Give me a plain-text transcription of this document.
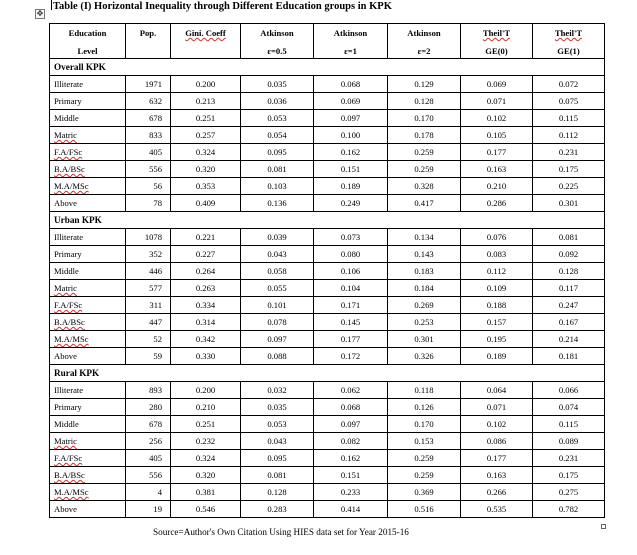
✥
Table (I) Horizontal Inequality through Different Education groups in KPK
Education	Pop.	Gini. Coeff	Atkinson	Atkinson	Atkinson	Theil'T	Theil'T
Level			ε=0.5	ε=1	ε=2	GE(0)	GE(1)
Overall KPK							
Illiterate	1971	0.200	0.035	0.068	0.129	0.069	0.072
Primary	632	0.213	0.036	0.069	0.128	0.071	0.075
Middle	678	0.251	0.053	0.097	0.170	0.102	0.115
Matric	833	0.257	0.054	0.100	0.178	0.105	0.112
F.A/FSc	405	0.324	0.095	0.162	0.259	0.177	0.231
B.A/BSc	556	0.320	0.081	0.151	0.259	0.163	0.175
M.A/MSc	56	0.353	0.103	0.189	0.328	0.210	0.225
Above	78	0.409	0.136	0.249	0.417	0.286	0.301
Urban KPK							
Illiterate	1078	0.221	0.039	0.073	0.134	0.076	0.081
Primary	352	0.227	0.043	0.080	0.143	0.083	0.092
Middle	446	0.264	0.058	0.106	0.183	0.112	0.128
Matric	577	0.263	0.055	0.104	0.184	0.109	0.117
F.A/FSc	311	0.334	0.101	0.171	0.269	0.188	0.247
B.A/BSc	447	0.314	0.078	0.145	0.253	0.157	0.167
M.A/MSc	52	0.342	0.097	0.177	0.301	0.195	0.214
Above	59	0.330	0.088	0.172	0.326	0.189	0.181
Rural KPK							
Illiterate	893	0.200	0.032	0.062	0.118	0.064	0.066
Primary	280	0.210	0.035	0.068	0.126	0.071	0.074
Middle	678	0.251	0.053	0.097	0.170	0.102	0.115
Matric	256	0.232	0.043	0.082	0.153	0.086	0.089
F.A/FSc	405	0.324	0.095	0.162	0.259	0.177	0.231
B.A/BSc	556	0.320	0.081	0.151	0.259	0.163	0.175
M.A/MSc	4	0.381	0.128	0.233	0.369	0.266	0.275
Above	19	0.546	0.283	0.414	0.516	0.535	0.782
Source=Author's Own Citation Using HIES data set for Year 2015-16
